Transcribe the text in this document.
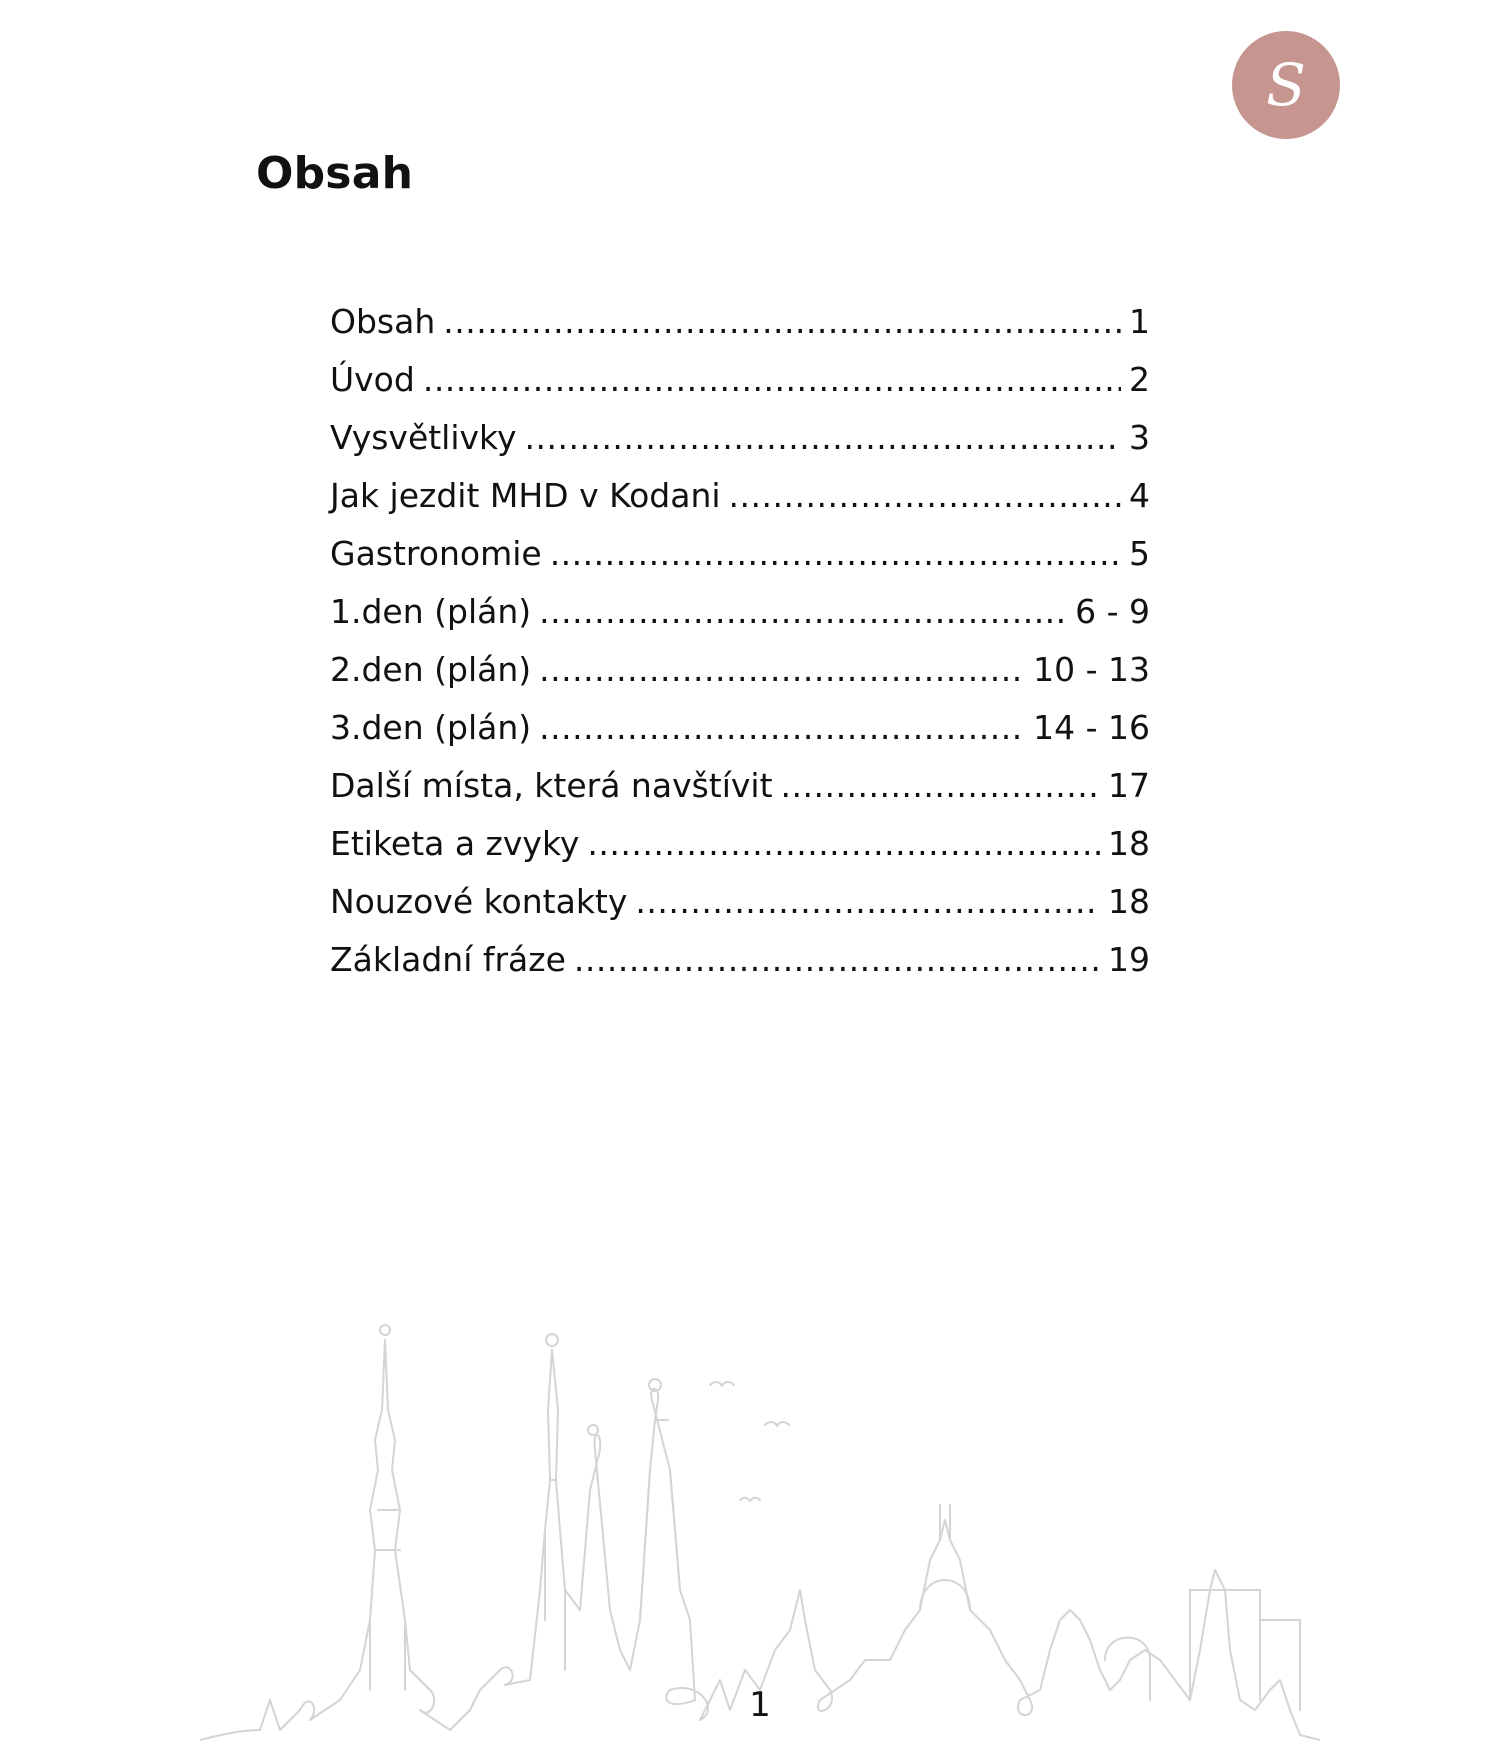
S
Obsah
Obsah .....	1
Úvod .....	2
Vysvětlivky .....	3
Jak jezdit MHD v Kodani .....	4
Gastronomie .....	5
1.den (plán) .....	6 - 9
2.den (plán) .....	10 - 13
3.den (plán) .....	14 - 16
Další místa, která navštívit .....	17
Etiketa a zvyky .....	18
Nouzové kontakty .....	18
Základní fráze .....	19
1
